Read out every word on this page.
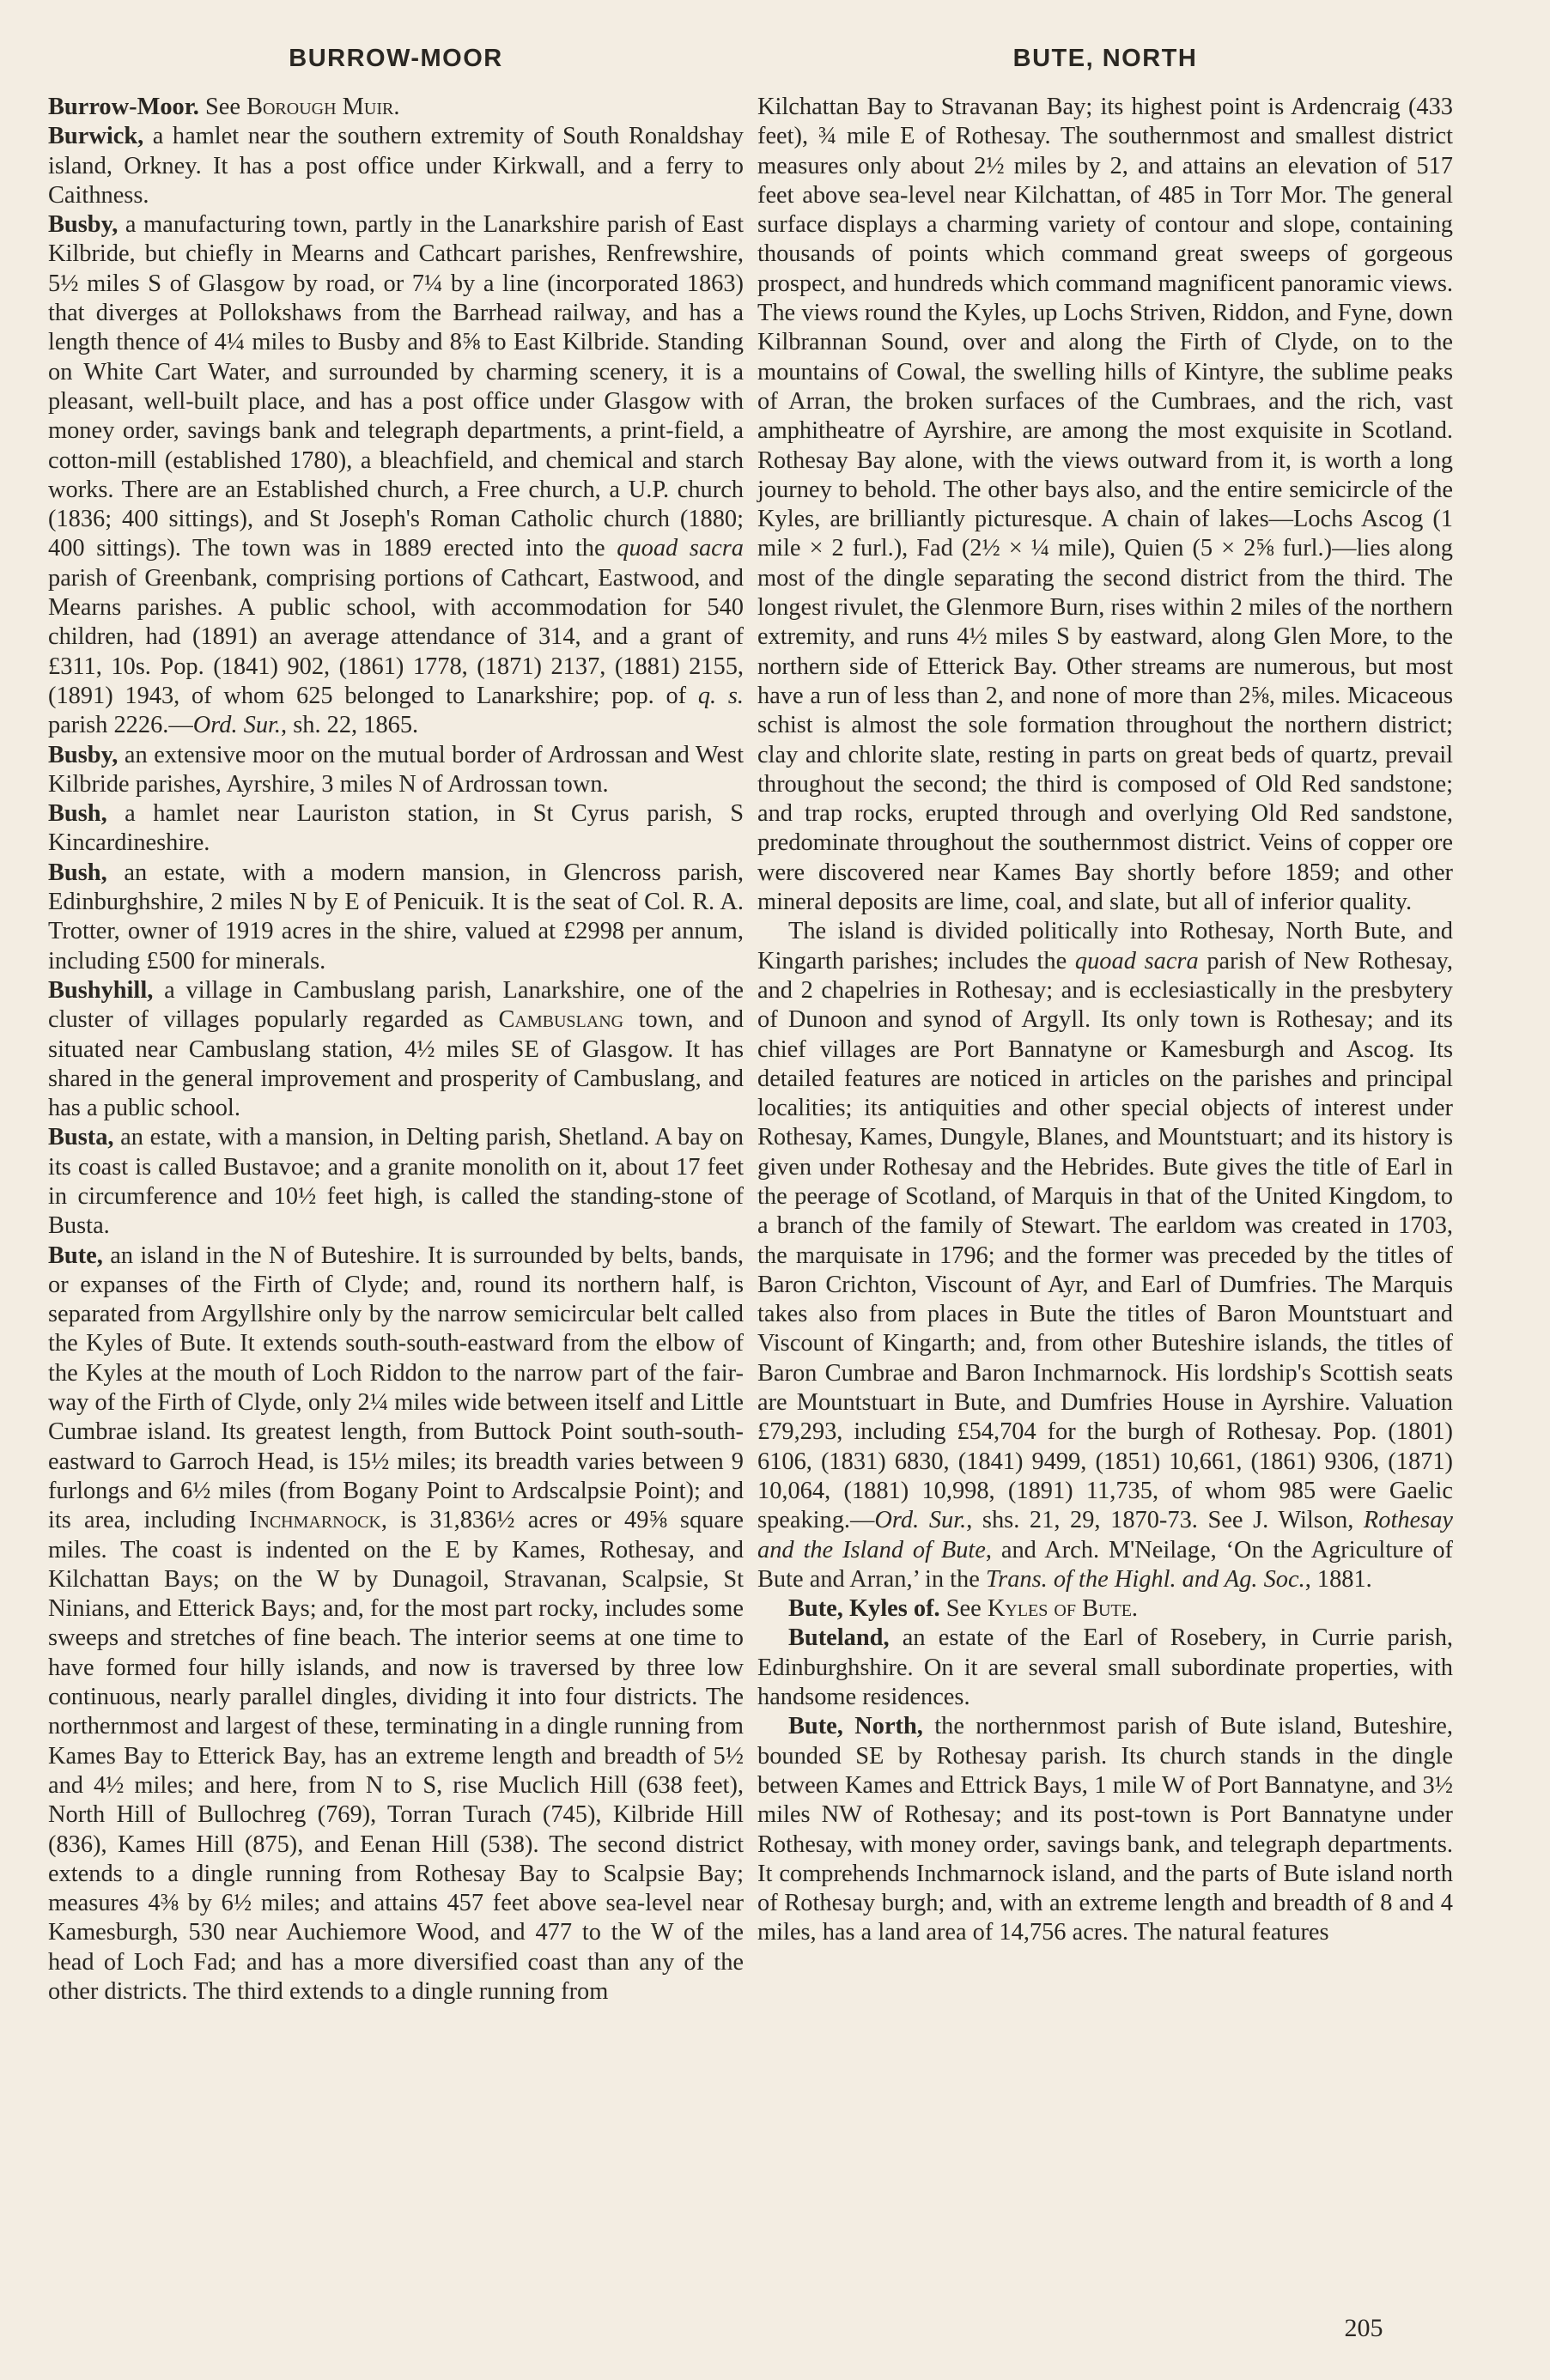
BURROW-MOOR	BUTE, NORTH

Burrow-Moor. See Borough Muir.

Burwick, a hamlet near the southern extremity of South Ronaldshay island, Orkney. It has a post office under Kirkwall, and a ferry to Caithness.

Busby, a manufacturing town, partly in the Lanarkshire parish of East Kilbride, but chiefly in Mearns and Cathcart parishes, Renfrewshire, 5½ miles S of Glasgow by road, or 7¼ by a line (incorporated 1863) that diverges at Pollokshaws from the Barrhead railway, and has a length thence of 4¼ miles to Busby and 8⅝ to East Kilbride. Standing on White Cart Water, and surrounded by charming scenery, it is a pleasant, well-built place, and has a post office under Glasgow with money order, savings bank and telegraph departments, a print-field, a cotton-mill (established 1780), a bleachfield, and chemical and starch works. There are an Established church, a Free church, a U.P. church (1836; 400 sittings), and St Joseph's Roman Catholic church (1880; 400 sittings). The town was in 1889 erected into the quoad sacra parish of Greenbank, comprising portions of Cathcart, Eastwood, and Mearns parishes. A public school, with accommodation for 540 children, had (1891) an average attendance of 314, and a grant of £311, 10s. Pop. (1841) 902, (1861) 1778, (1871) 2137, (1881) 2155, (1891) 1943, of whom 625 belonged to Lanarkshire; pop. of q. s. parish 2226.—Ord. Sur., sh. 22, 1865.

Busby, an extensive moor on the mutual border of Ardrossan and West Kilbride parishes, Ayrshire, 3 miles N of Ardrossan town.

Bush, a hamlet near Lauriston station, in St Cyrus parish, S Kincardineshire.

Bush, an estate, with a modern mansion, in Glencross parish, Edinburghshire, 2 miles N by E of Penicuik. It is the seat of Col. R. A. Trotter, owner of 1919 acres in the shire, valued at £2998 per annum, including £500 for minerals.

Bushyhill, a village in Cambuslang parish, Lanarkshire, one of the cluster of villages popularly regarded as Cambuslang town, and situated near Cambuslang station, 4½ miles SE of Glasgow. It has shared in the general improvement and prosperity of Cambuslang, and has a public school.

Busta, an estate, with a mansion, in Delting parish, Shetland. A bay on its coast is called Bustavoe; and a granite monolith on it, about 17 feet in circumference and 10½ feet high, is called the standing-stone of Busta.

Bute, an island in the N of Buteshire. It is surrounded by belts, bands, or expanses of the Firth of Clyde; and, round its northern half, is separated from Argyllshire only by the narrow semicircular belt called the Kyles of Bute. It extends south-south-eastward from the elbow of the Kyles at the mouth of Loch Riddon to the narrow part of the fair-way of the Firth of Clyde, only 2¼ miles wide between itself and Little Cumbrae island. Its greatest length, from Buttock Point south-south-eastward to Garroch Head, is 15½ miles; its breadth varies between 9 furlongs and 6½ miles (from Bogany Point to Ardscalpsie Point); and its area, including Inchmarnock, is 31,836½ acres or 49⅝ square miles. The coast is indented on the E by Kames, Rothesay, and Kilchattan Bays; on the W by Dunagoil, Stravanan, Scalpsie, St Ninians, and Etterick Bays; and, for the most part rocky, includes some sweeps and stretches of fine beach. The interior seems at one time to have formed four hilly islands, and now is traversed by three low continuous, nearly parallel dingles, dividing it into four districts. The northernmost and largest of these, terminating in a dingle running from Kames Bay to Etterick Bay, has an extreme length and breadth of 5½ and 4½ miles; and here, from N to S, rise Muclich Hill (638 feet), North Hill of Bullochreg (769), Torran Turach (745), Kilbride Hill (836), Kames Hill (875), and Eenan Hill (538). The second district extends to a dingle running from Rothesay Bay to Scalpsie Bay; measures 4⅜ by 6½ miles; and attains 457 feet above sea-level near Kamesburgh, 530 near Auchiemore Wood, and 477 to the W of the head of Loch Fad; and has a more diversified coast than any of the other districts. The third extends to a dingle running from

Kilchattan Bay to Stravanan Bay; its highest point is Ardencraig (433 feet), ¾ mile E of Rothesay. The southernmost and smallest district measures only about 2½ miles by 2, and attains an elevation of 517 feet above sea-level near Kilchattan, of 485 in Torr Mor. The general surface displays a charming variety of contour and slope, containing thousands of points which command great sweeps of gorgeous prospect, and hundreds which command magnificent panoramic views. The views round the Kyles, up Lochs Striven, Riddon, and Fyne, down Kilbrannan Sound, over and along the Firth of Clyde, on to the mountains of Cowal, the swelling hills of Kintyre, the sublime peaks of Arran, the broken surfaces of the Cumbraes, and the rich, vast amphitheatre of Ayrshire, are among the most exquisite in Scotland. Rothesay Bay alone, with the views outward from it, is worth a long journey to behold. The other bays also, and the entire semicircle of the Kyles, are brilliantly picturesque. A chain of lakes—Lochs Ascog (1 mile × 2 furl.), Fad (2½ × ¼ mile), Quien (5 × 2⅝ furl.)—lies along most of the dingle separating the second district from the third. The longest rivulet, the Glenmore Burn, rises within 2 miles of the northern extremity, and runs 4½ miles S by eastward, along Glen More, to the northern side of Etterick Bay. Other streams are numerous, but most have a run of less than 2, and none of more than 2⅝, miles. Micaceous schist is almost the sole formation throughout the northern district; clay and chlorite slate, resting in parts on great beds of quartz, prevail throughout the second; the third is composed of Old Red sandstone; and trap rocks, erupted through and overlying Old Red sandstone, predominate throughout the southernmost district. Veins of copper ore were discovered near Kames Bay shortly before 1859; and other mineral deposits are lime, coal, and slate, but all of inferior quality.

The island is divided politically into Rothesay, North Bute, and Kingarth parishes; includes the quoad sacra parish of New Rothesay, and 2 chapelries in Rothesay; and is ecclesiastically in the presbytery of Dunoon and synod of Argyll. Its only town is Rothesay; and its chief villages are Port Bannatyne or Kamesburgh and Ascog. Its detailed features are noticed in articles on the parishes and principal localities; its antiquities and other special objects of interest under Rothesay, Kames, Dungyle, Blanes, and Mountstuart; and its history is given under Rothesay and the Hebrides. Bute gives the title of Earl in the peerage of Scotland, of Marquis in that of the United Kingdom, to a branch of the family of Stewart. The earldom was created in 1703, the marquisate in 1796; and the former was preceded by the titles of Baron Crichton, Viscount of Ayr, and Earl of Dumfries. The Marquis takes also from places in Bute the titles of Baron Mountstuart and Viscount of Kingarth; and, from other Buteshire islands, the titles of Baron Cumbrae and Baron Inchmarnock. His lordship's Scottish seats are Mountstuart in Bute, and Dumfries House in Ayrshire. Valuation £79,293, including £54,704 for the burgh of Rothesay. Pop. (1801) 6106, (1831) 6830, (1841) 9499, (1851) 10,661, (1861) 9306, (1871) 10,064, (1881) 10,998, (1891) 11,735, of whom 985 were Gaelic speaking.—Ord. Sur., shs. 21, 29, 1870-73. See J. Wilson, Rothesay and the Island of Bute, and Arch. M'Neilage, ‘On the Agriculture of Bute and Arran,’ in the Trans. of the Highl. and Ag. Soc., 1881.

Bute, Kyles of. See Kyles of Bute.

Buteland, an estate of the Earl of Rosebery, in Currie parish, Edinburghshire. On it are several small subordinate properties, with handsome residences.

Bute, North, the northernmost parish of Bute island, Buteshire, bounded SE by Rothesay parish. Its church stands in the dingle between Kames and Ettrick Bays, 1 mile W of Port Bannatyne, and 3½ miles NW of Rothesay; and its post-town is Port Bannatyne under Rothesay, with money order, savings bank, and telegraph departments. It comprehends Inchmarnock island, and the parts of Bute island north of Rothesay burgh; and, with an extreme length and breadth of 8 and 4 miles, has a land area of 14,756 acres. The natural features

205
